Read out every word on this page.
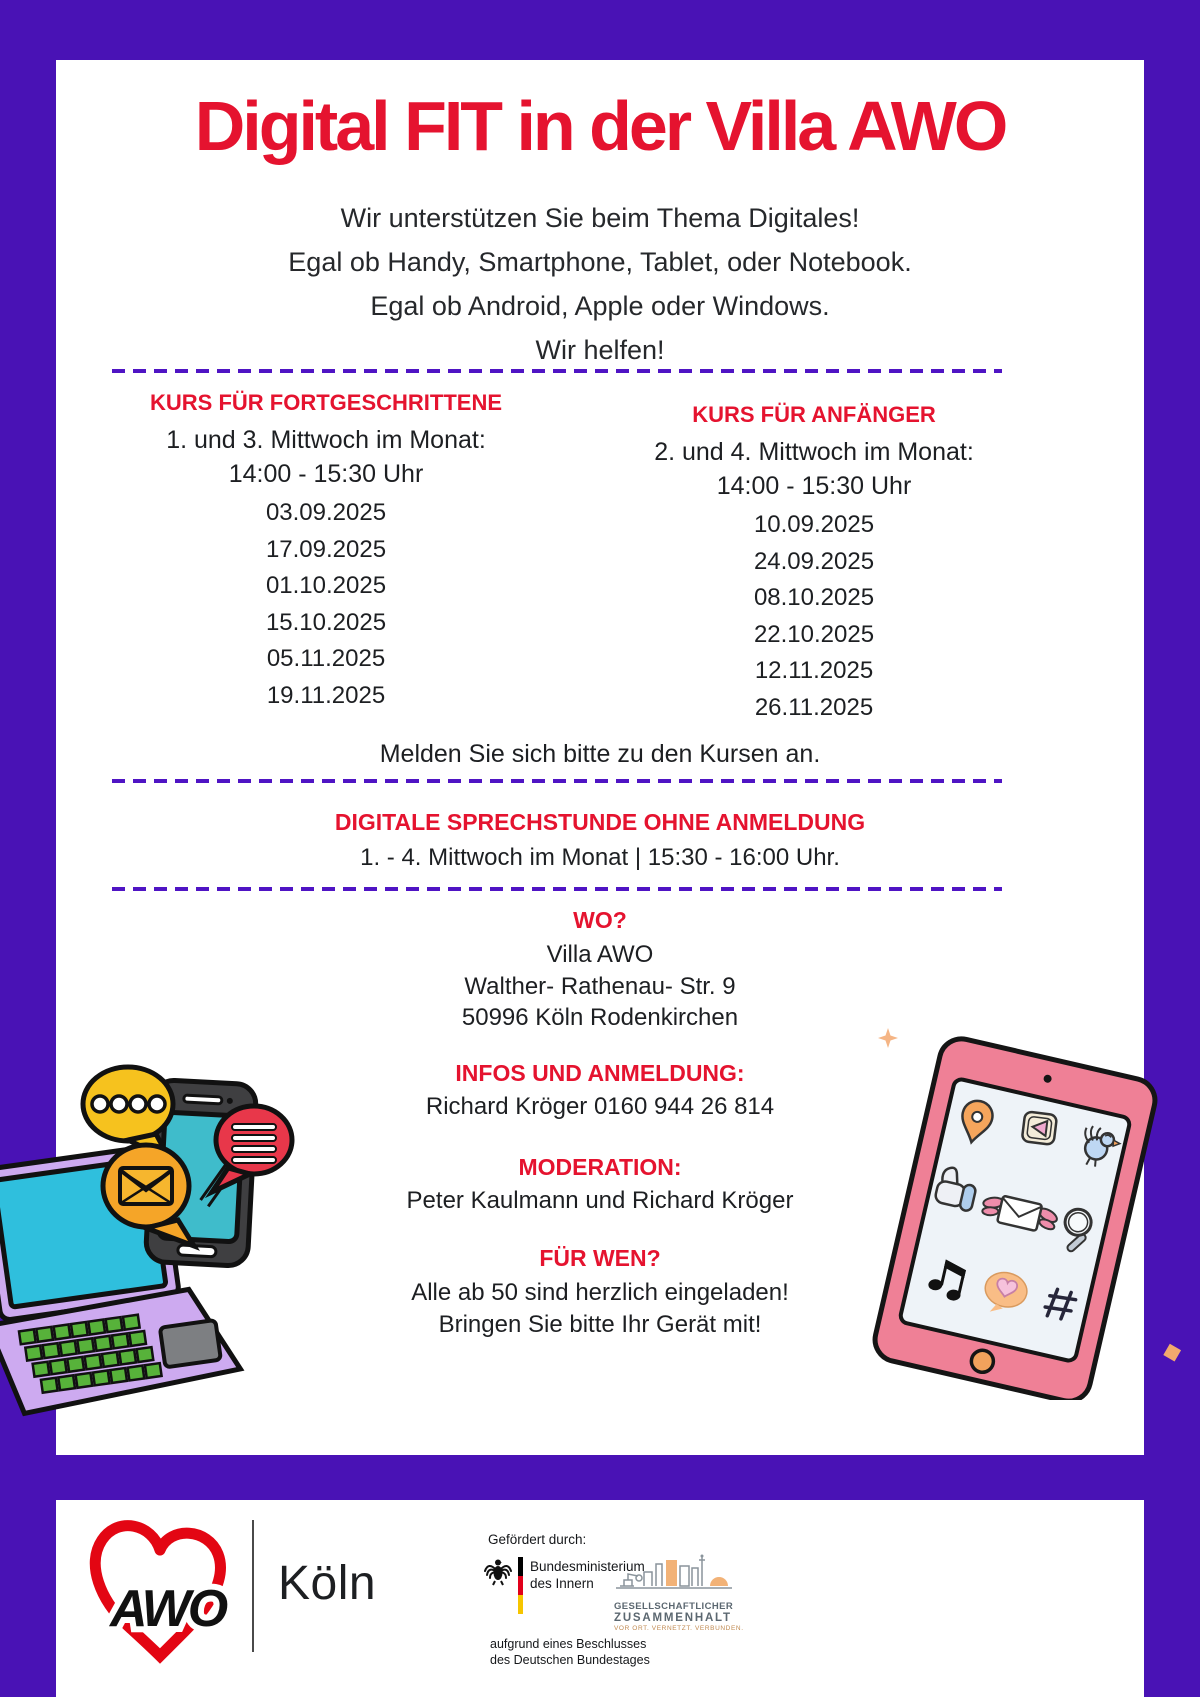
Digital FIT in der Villa AWO
Wir unterstützen Sie beim Thema Digitales!
Egal ob Handy, Smartphone, Tablet, oder Notebook.
Egal ob Android, Apple oder Windows.
Wir helfen!
KURS FÜR FORTGESCHRITTENE
1. und 3. Mittwoch im Monat:
14:00 - 15:30 Uhr
03.09.2025
17.09.2025
01.10.2025
15.10.2025
05.11.2025
19.11.2025
KURS FÜR ANFÄNGER
2. und 4. Mittwoch im Monat:
14:00 - 15:30 Uhr
10.09.2025
24.09.2025
08.10.2025
22.10.2025
12.11.2025
26.11.2025
Melden Sie sich bitte zu den Kursen an.
DIGITALE SPRECHSTUNDE OHNE ANMELDUNG
1. - 4. Mittwoch im Monat | 15:30 - 16:00 Uhr.
WO?
Villa AWO
Walther- Rathenau- Str. 9
50996 Köln Rodenkirchen
INFOS UND ANMELDUNG:
Richard Kröger 0160 944 26 814
MODERATION:
Peter Kaulmann und Richard Kröger
FÜR WEN?
Alle ab 50 sind herzlich eingeladen!
Bringen Sie bitte Ihr Gerät mit!
AWO Köln
Gefördert durch:
Bundesministerium
des Innern
aufgrund eines Beschlusses
des Deutschen Bundestages
GESELLSCHAFTLICHER
ZUSAMMENHALT
VOR ORT. VERNETZT. VERBUNDEN.
